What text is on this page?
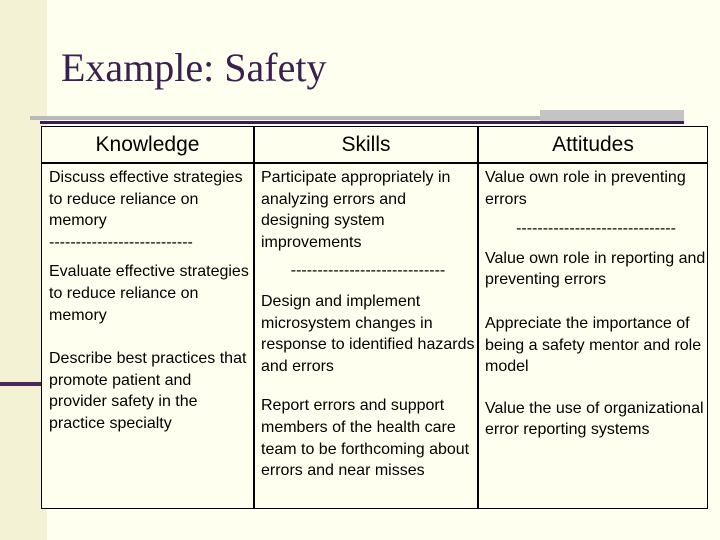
Example: Safety
Knowledge	Skills	Attitudes

Discuss effective strategies to reduce reliance on memory

---------------------------

Evaluate effective strategies to reduce reliance on memory

Describe best practices that promote patient and provider safety in the practice specialty

Participate appropriately in analyzing errors and designing system improvements

-----------------------------

Design and implement microsystem changes in response to identified hazards and errors

Report errors and support members of the health care team to be forthcoming about errors and near misses

Value own role in preventing errors

------------------------------

Value own role in reporting and preventing errors

Appreciate the importance of being a safety mentor and role model

Value the use of organizational error reporting systems
